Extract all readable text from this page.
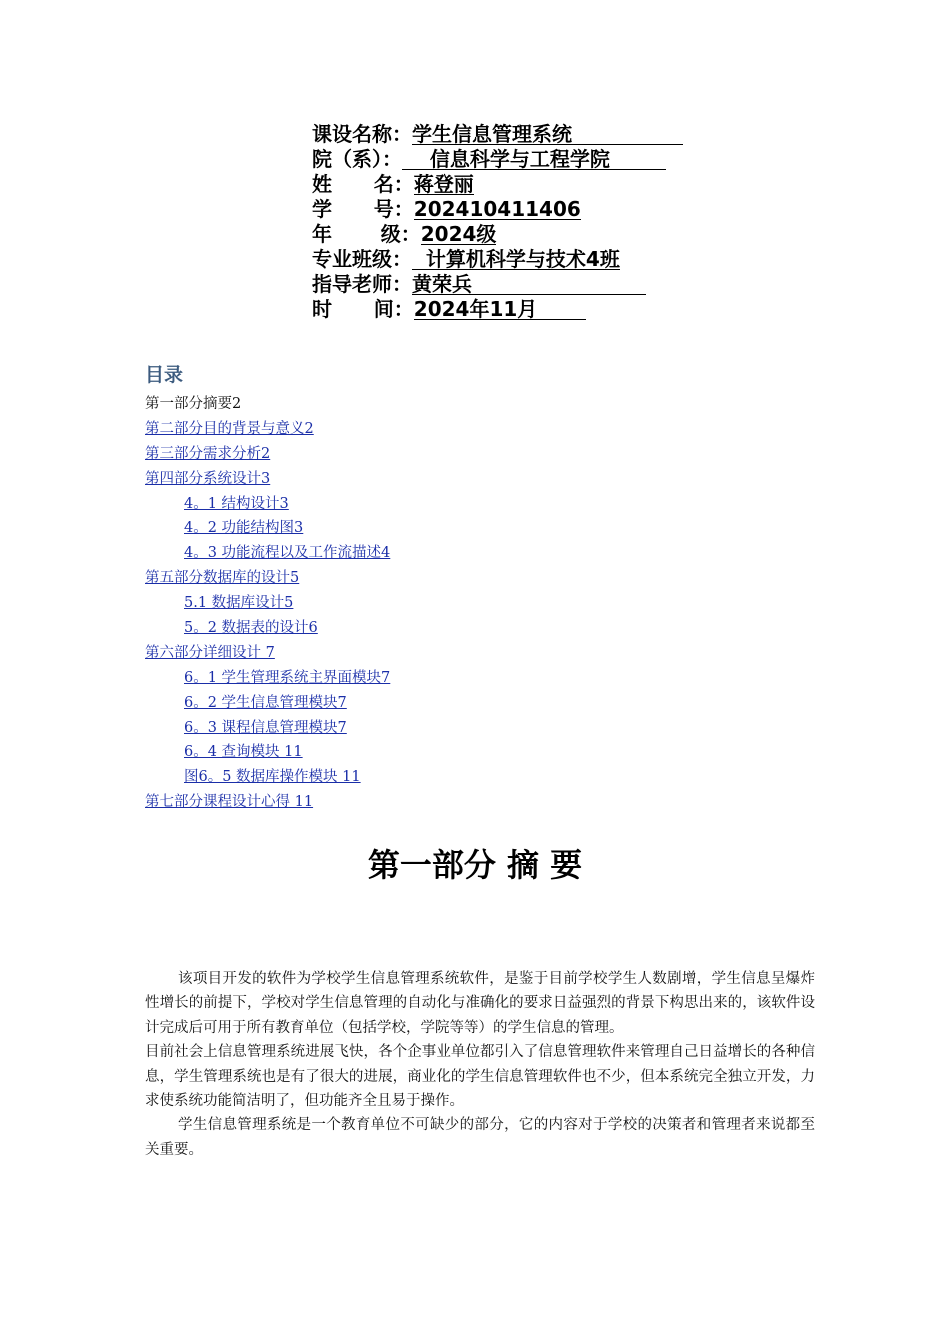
课设名称： 学生信息管理系统
院（系）： 信息科学与工程学院
姓      名： 蒋登丽
学      号： 202410411406
年       级： 2024级
专业班级： 计算机科学与技术4班
指导老师： 黄荣兵
时      间： 2024年11月
目录
第一部分摘要2
第二部分目的背景与意义2
第三部分需求分析2
第四部分系统设计3
4。1 结构设计3
4。2 功能结构图3
4。3 功能流程以及工作流描述4
第五部分数据库的设计5
5.1 数据库设计5
5。2 数据表的设计6
第六部分详细设计 7
6。1 学生管理系统主界面模块7
6。2 学生信息管理模块7
6。3 课程信息管理模块7
6。4 查询模块 11
图6。5 数据库操作模块 11
第七部分课程设计心得 11
第一部分 摘 要

该项目开发的软件为学校学生信息管理系统软件，是鉴于目前学校学生人数剧增，学生信息呈爆炸性增长的前提下，学校对学生信息管理的自动化与准确化的要求日益强烈的背景下构思出来的，该软件设计完成后可用于所有教育单位（包括学校，学院等等）的学生信息的管理。

目前社会上信息管理系统进展飞快，各个企事业单位都引入了信息管理软件来管理自己日益增长的各种信息，学生管理系统也是有了很大的进展，商业化的学生信息管理软件也不少，但本系统完全独立开发，力求使系统功能简洁明了，但功能齐全且易于操作。

学生信息管理系统是一个教育单位不可缺少的部分，它的内容对于学校的决策者和管理者来说都至关重要。
